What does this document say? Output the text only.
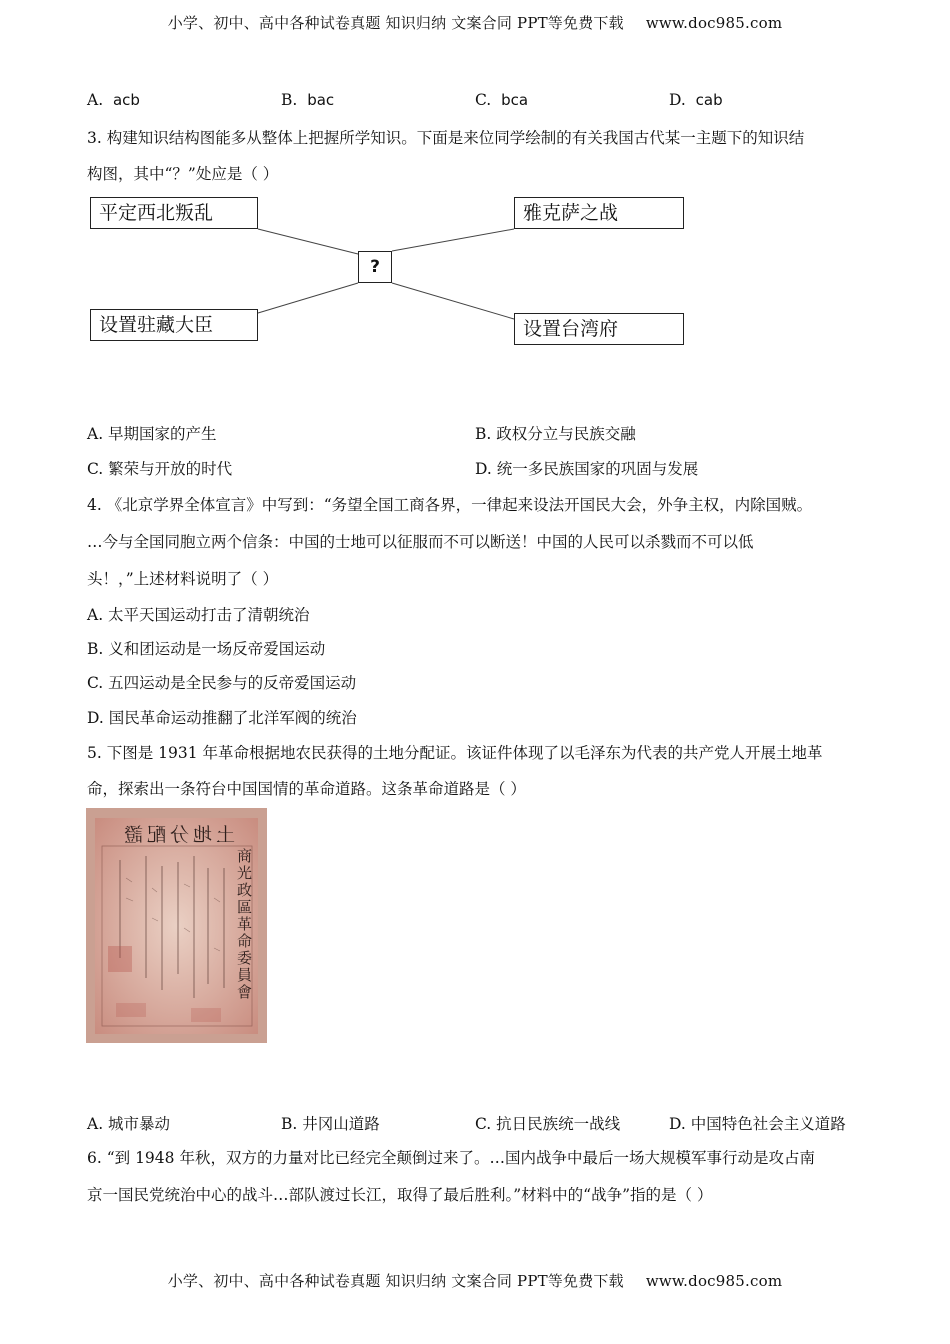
小学、初中、高中各种试卷真题 知识归纳 文案合同 PPT等免费下载 www.doc985.com
A. acb	B. bac	C. bca	D. cab
3. 构建知识结构图能多从整体上把握所学知识。下面是来位同学绘制的有关我国古代某一主题下的知识结
构图，其中“？”处应是（ ）
平定西北叛乱	雅克萨之战
?
设置驻藏大臣	设置台湾府
A. 早期国家的产生	B. 政权分立与民族交融
C. 繁荣与开放的时代	D. 统一多民族国家的巩固与发展
4. 《北京学界全体宣言》中写到：“务望全国工商各界，一律起来设法开国民大会，外争主权，内除国贼。
…今与全国同胞立两个信条：中国的士地可以征服而不可以断送！中国的人民可以杀戮而不可以低
头！，”上述材料说明了（ ）
A. 太平天国运动打击了清朝统治
B. 义和团运动是一场反帝爱国运动
C. 五四运动是全民参与的反帝爱国运动
D. 国民革命运动推翻了北洋军阀的统治
5. 下图是 1931 年革命根据地农民获得的土地分配证。该证件体现了以毛泽东为代表的共产党人开展土地革
命，探索出一条符台中国国情的革命道路。这条革命道路是（ ）
土地分配證
商光政區革命委員會
A. 城市暴动	B. 井冈山道路	C. 抗日民族统一战线	D. 中国特色社会主义道路
6. “到 1948 年秋，双方的力量对比已经完全颠倒过来了。…国内战争中最后一场大规模军事行动是攻占南
京一国民党统治中心的战斗…部队渡过长江，取得了最后胜利。”材料中的“战争”指的是（ ）
小学、初中、高中各种试卷真题 知识归纳 文案合同 PPT等免费下载 www.doc985.com
